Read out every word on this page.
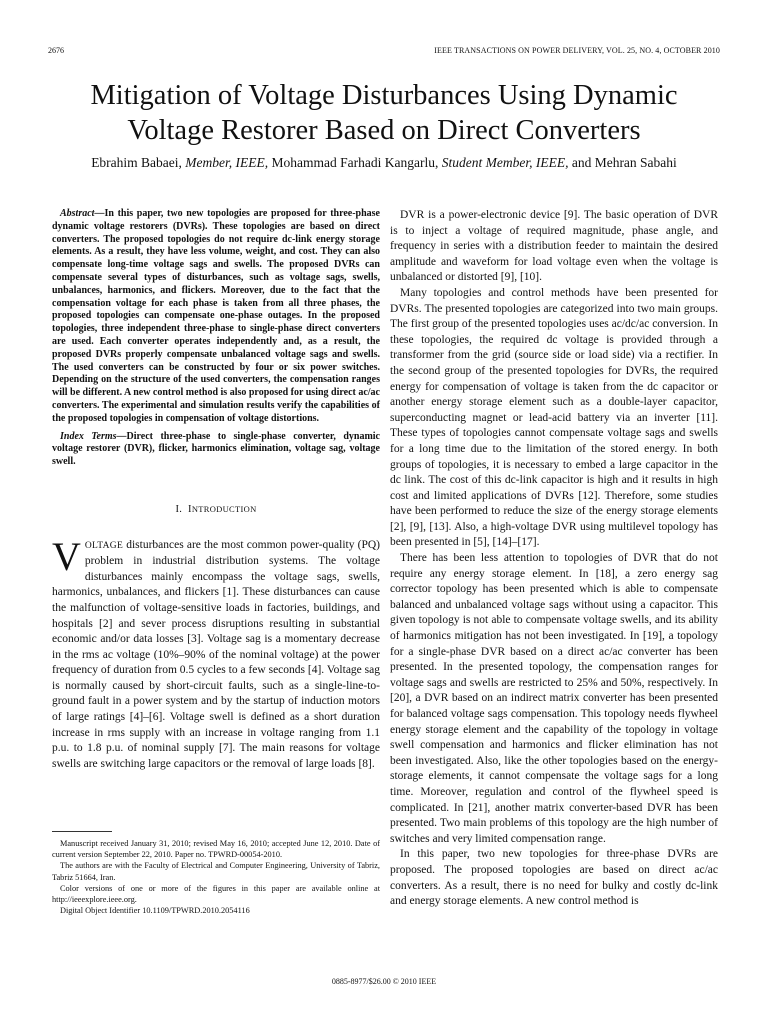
2676	IEEE TRANSACTIONS ON POWER DELIVERY, VOL. 25, NO. 4, OCTOBER 2010
Mitigation of Voltage Disturbances Using Dynamic
Voltage Restorer Based on Direct Converters
Ebrahim Babaei, Member, IEEE, Mohammad Farhadi Kangarlu, Student Member, IEEE, and Mehran Sabahi
Abstract—In this paper, two new topologies are proposed for three-phase dynamic voltage restorers (DVRs). These topologies are based on direct converters. The proposed topologies do not require dc-link energy storage elements. As a result, they have less volume, weight, and cost. They can also compensate long-time voltage sags and swells. The proposed DVRs can compensate several types of disturbances, such as voltage sags, swells, unbalances, harmonics, and flickers. Moreover, due to the fact that the compensation voltage for each phase is taken from all three phases, the proposed topologies can compensate one-phase outages. In the proposed topologies, three independent three-phase to single-phase direct converters are used. Each converter operates independently and, as a result, the proposed DVRs properly compensate unbalanced voltage sags and swells. The used converters can be constructed by four or six power switches. Depending on the structure of the used converters, the compensation ranges will be different. A new control method is also proposed for using direct ac/ac converters. The experimental and simulation results verify the capabilities of the proposed topologies in compensation of voltage distortions.
Index Terms—Direct three-phase to single-phase converter, dynamic voltage restorer (DVR), flicker, harmonics elimination, voltage sag, voltage swell.
I. INTRODUCTION

VOLTAGE disturbances are the most common power-quality (PQ) problem in industrial distribution systems. The voltage disturbances mainly encompass the voltage sags, swells, harmonics, unbalances, and flickers [1]. These disturbances can cause the malfunction of voltage-sensitive loads in factories, buildings, and hospitals [2] and sever process disruptions resulting in substantial economic and/or data losses [3]. Voltage sag is a momentary decrease in the rms ac voltage (10%–90% of the nominal voltage) at the power frequency of duration from 0.5 cycles to a few seconds [4]. Voltage sag is normally caused by short-circuit faults, such as a single-line-to-ground fault in a power system and by the startup of induction motors of large ratings [4]–[6]. Voltage swell is defined as a short duration increase in rms supply with an increase in voltage ranging from 1.1 p.u. to 1.8 p.u. of nominal supply [7]. The main reasons for voltage swells are switching large capacitors or the removal of large loads [8].

Manuscript received January 31, 2010; revised May 16, 2010; accepted June 12, 2010. Date of current version September 22, 2010. Paper no. TPWRD-00054-2010.

The authors are with the Faculty of Electrical and Computer Engineering, University of Tabriz, Tabriz 51664, Iran.

Color versions of one or more of the figures in this paper are available online at http://ieeexplore.ieee.org.

Digital Object Identifier 10.1109/TPWRD.2010.2054116

DVR is a power-electronic device [9]. The basic operation of DVR is to inject a voltage of required magnitude, phase angle, and frequency in series with a distribution feeder to maintain the desired amplitude and waveform for load voltage even when the voltage is unbalanced or distorted [9], [10].

Many topologies and control methods have been presented for DVRs. The presented topologies are categorized into two main groups. The first group of the presented topologies uses ac/dc/ac conversion. In these topologies, the required dc voltage is provided through a transformer from the grid (source side or load side) via a rectifier. In the second group of the presented topologies for DVRs, the required energy for compensation of voltage is taken from the dc capacitor or another energy storage element such as a double-layer capacitor, superconducting magnet or lead-acid battery via an inverter [11]. These types of topologies cannot compensate voltage sags and swells for a long time due to the limitation of the stored energy. In both groups of topologies, it is necessary to embed a large capacitor in the dc link. The cost of this dc-link capacitor is high and it results in high cost and limited applications of DVRs [12]. Therefore, some studies have been performed to reduce the size of the energy storage elements [2], [9], [13]. Also, a high-voltage DVR using multilevel topology has been presented in [5], [14]–[17].

There has been less attention to topologies of DVR that do not require any energy storage element. In [18], a zero energy sag corrector topology has been presented which is able to compensate balanced and unbalanced voltage sags without using a capacitor. This given topology is not able to compensate voltage swells, and its ability of harmonics mitigation has not been investigated. In [19], a topology for a single-phase DVR based on a direct ac/ac converter has been presented. In the presented topology, the compensation ranges for voltage sags and swells are restricted to 25% and 50%, respectively. In [20], a DVR based on an indirect matrix converter has been presented for balanced voltage sags compensation. This topology needs flywheel energy storage element and the capability of the topology in voltage swell compensation and harmonics and flicker elimination has not been investigated. Also, like the other topologies based on the energy-storage elements, it cannot compensate the voltage sags for a long time. Moreover, regulation and control of the flywheel speed is complicated. In [21], another matrix converter-based DVR has been presented. Two main problems of this topology are the high number of switches and very limited compensation range.

In this paper, two new topologies for three-phase DVRs are proposed. The proposed topologies are based on direct ac/ac converters. As a result, there is no need for bulky and costly dc-link and energy storage elements. A new control method is

0885-8977/$26.00 © 2010 IEEE
